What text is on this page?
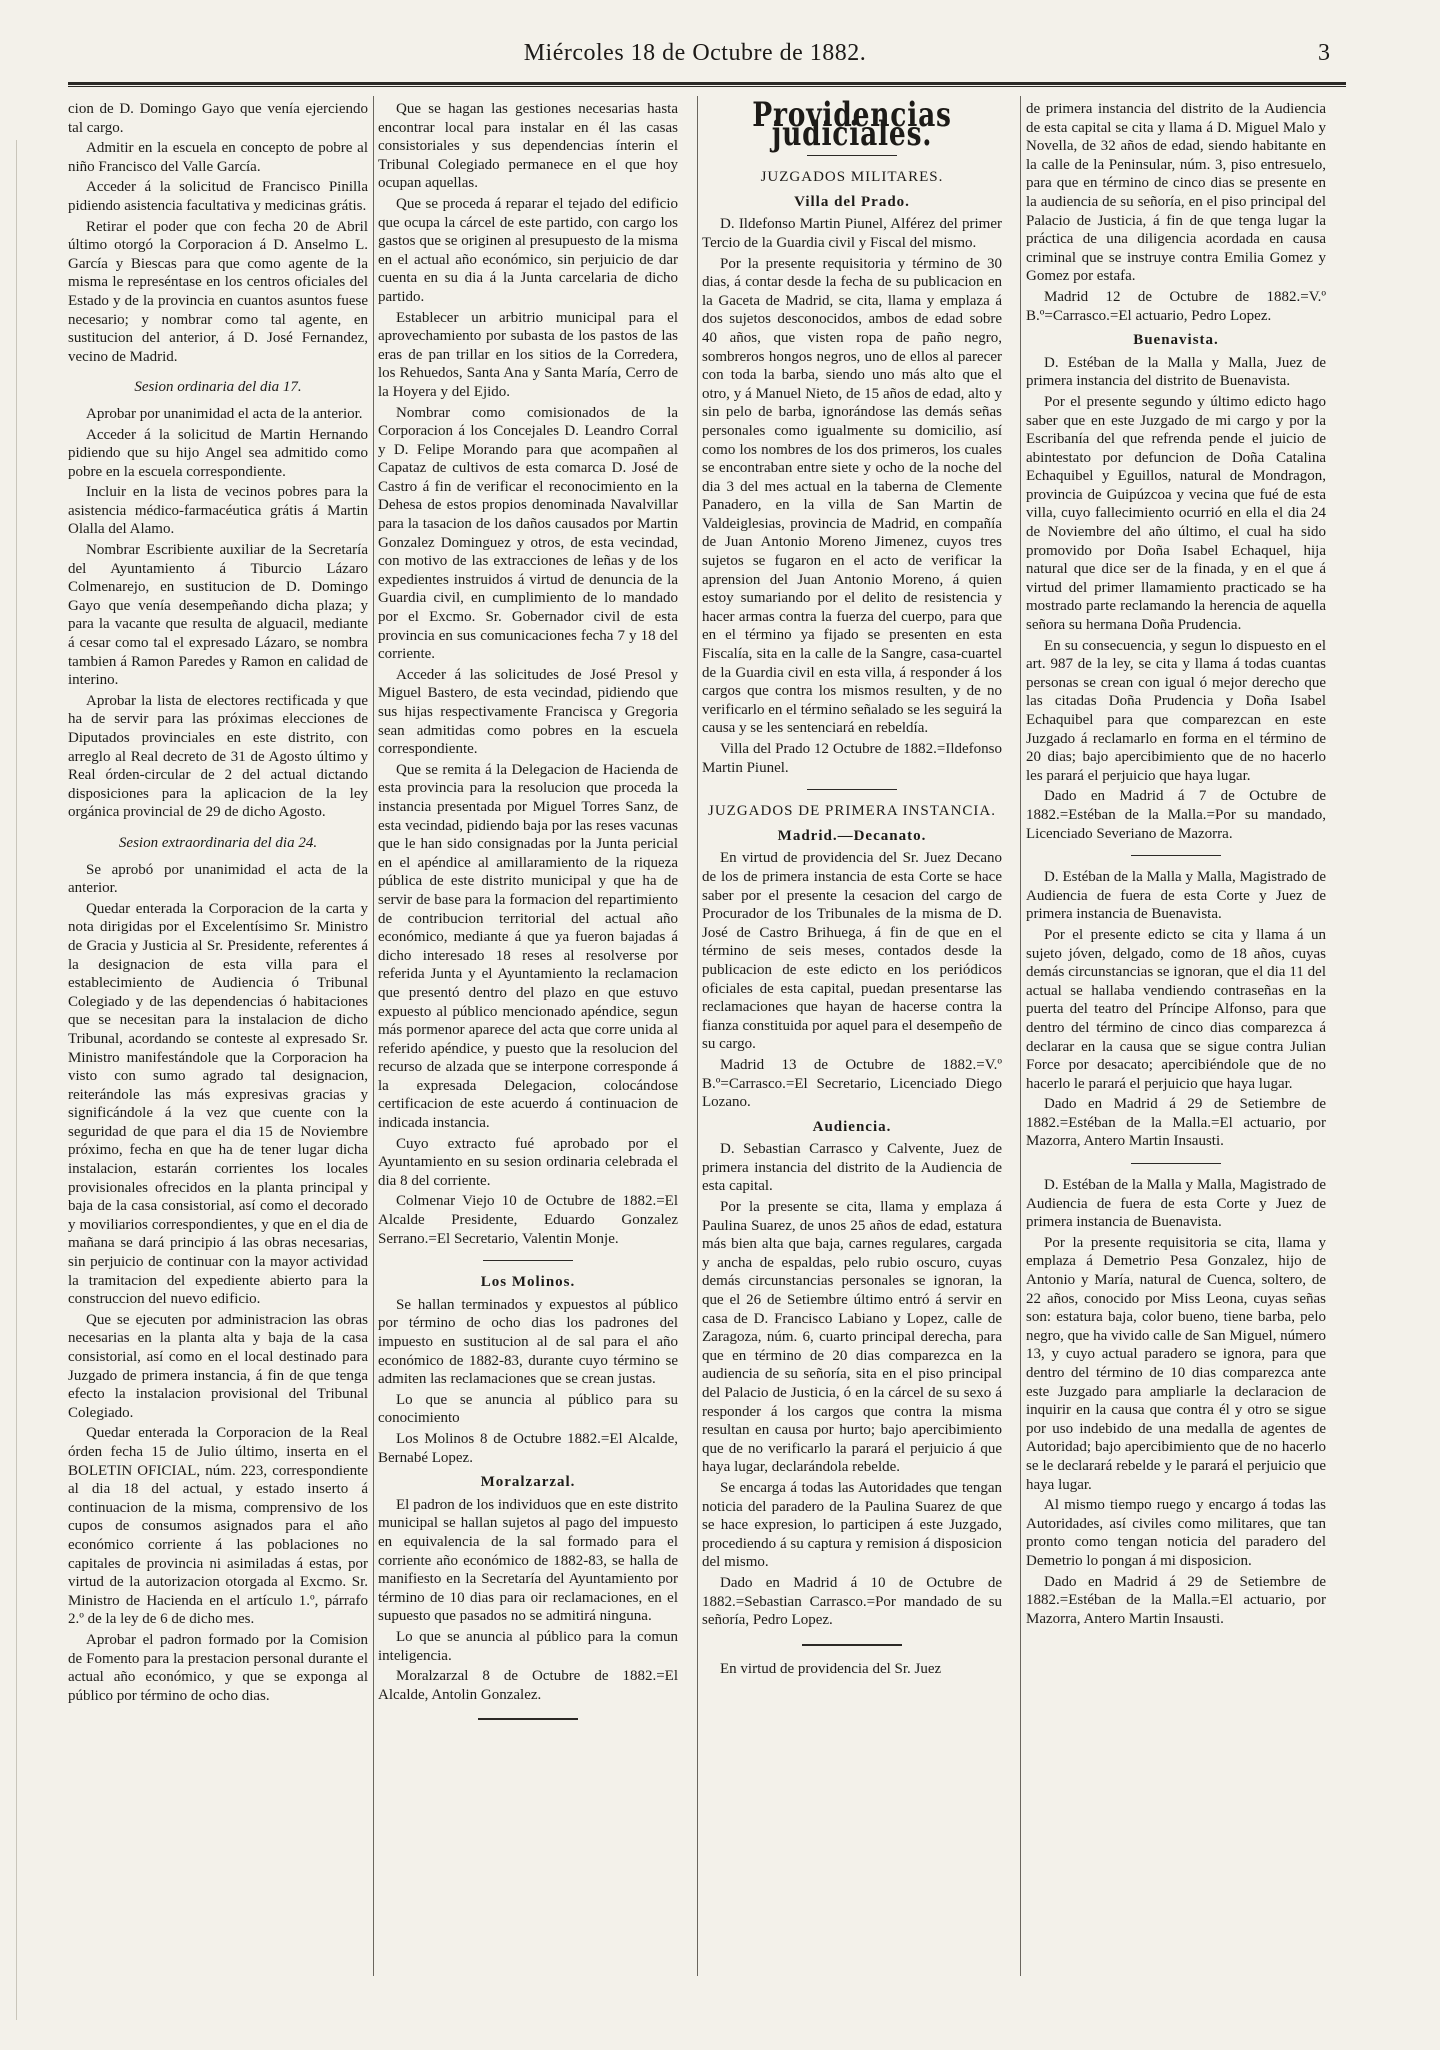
Miércoles 18 de Octubre de 1882.	3

cion de D. Domingo Gayo que venía ejerciendo tal cargo.

Admitir en la escuela en concepto de pobre al niño Francisco del Valle García.

Acceder á la solicitud de Francisco Pinilla pidiendo asistencia facultativa y medicinas grátis.

Retirar el poder que con fecha 20 de Abril último otorgó la Corporacion á D. Anselmo L. García y Biescas para que como agente de la misma le represéntase en los centros oficiales del Estado y de la provincia en cuantos asuntos fuese necesario; y nombrar como tal agente, en sustitucion del anterior, á D. José Fernandez, vecino de Madrid.

Sesion ordinaria del dia 17.

Aprobar por unanimidad el acta de la anterior.

Acceder á la solicitud de Martin Hernando pidiendo que su hijo Angel sea admitido como pobre en la escuela correspondiente.

Incluir en la lista de vecinos pobres para la asistencia médico-farmacéutica grátis á Martin Olalla del Alamo.

Nombrar Escribiente auxiliar de la Secretaría del Ayuntamiento á Tiburcio Lázaro Colmenarejo, en sustitucion de D. Domingo Gayo que venía desempeñando dicha plaza; y para la vacante que resulta de alguacil, mediante á cesar como tal el expresado Lázaro, se nombra tambien á Ramon Paredes y Ramon en calidad de interino.

Aprobar la lista de electores rectificada y que ha de servir para las próximas elecciones de Diputados provinciales en este distrito, con arreglo al Real decreto de 31 de Agosto último y Real órden-circular de 2 del actual dictando disposiciones para la aplicacion de la ley orgánica provincial de 29 de dicho Agosto.

Sesion extraordinaria del dia 24.

Se aprobó por unanimidad el acta de la anterior.

Quedar enterada la Corporacion de la carta y nota dirigidas por el Excelentísimo Sr. Ministro de Gracia y Justicia al Sr. Presidente, referentes á la designacion de esta villa para el establecimiento de Audiencia ó Tribunal Colegiado y de las dependencias ó habitaciones que se necesitan para la instalacion de dicho Tribunal, acordando se conteste al expresado Sr. Ministro manifestándole que la Corporacion ha visto con sumo agrado tal designacion, reiterándole las más expresivas gracias y significándole á la vez que cuente con la seguridad de que para el dia 15 de Noviembre próximo, fecha en que ha de tener lugar dicha instalacion, estarán corrientes los locales provisionales ofrecidos en la planta principal y baja de la casa consistorial, así como el decorado y moviliarios correspondientes, y que en el dia de mañana se dará principio á las obras necesarias, sin perjuicio de continuar con la mayor actividad la tramitacion del expediente abierto para la construccion del nuevo edificio.

Que se ejecuten por administracion las obras necesarias en la planta alta y baja de la casa consistorial, así como en el local destinado para Juzgado de primera instancia, á fin de que tenga efecto la instalacion provisional del Tribunal Colegiado.

Quedar enterada la Corporacion de la Real órden fecha 15 de Julio último, inserta en el BOLETIN OFICIAL, núm. 223, correspondiente al dia 18 del actual, y estado inserto á continuacion de la misma, comprensivo de los cupos de consumos asignados para el año económico corriente á las poblaciones no capitales de provincia ni asimiladas á estas, por virtud de la autorizacion otorgada al Excmo. Sr. Ministro de Hacienda en el artículo 1.º, párrafo 2.º de la ley de 6 de dicho mes.

Aprobar el padron formado por la Comision de Fomento para la prestacion personal durante el actual año económico, y que se exponga al público por término de ocho dias.

Que se hagan las gestiones necesarias hasta encontrar local para instalar en él las casas consistoriales y sus dependencias ínterin el Tribunal Colegiado permanece en el que hoy ocupan aquellas.

Que se proceda á reparar el tejado del edificio que ocupa la cárcel de este partido, con cargo los gastos que se originen al presupuesto de la misma en el actual año económico, sin perjuicio de dar cuenta en su dia á la Junta carcelaria de dicho partido.

Establecer un arbitrio municipal para el aprovechamiento por subasta de los pastos de las eras de pan trillar en los sitios de la Corredera, los Rehuedos, Santa Ana y Santa María, Cerro de la Hoyera y del Ejido.

Nombrar como comisionados de la Corporacion á los Concejales D. Leandro Corral y D. Felipe Morando para que acompañen al Capataz de cultivos de esta comarca D. José de Castro á fin de verificar el reconocimiento en la Dehesa de estos propios denominada Navalvillar para la tasacion de los daños causados por Martin Gonzalez Dominguez y otros, de esta vecindad, con motivo de las extracciones de leñas y de los expedientes instruidos á virtud de denuncia de la Guardia civil, en cumplimiento de lo mandado por el Excmo. Sr. Gobernador civil de esta provincia en sus comunicaciones fecha 7 y 18 del corriente.

Acceder á las solicitudes de José Presol y Miguel Bastero, de esta vecindad, pidiendo que sus hijas respectivamente Francisca y Gregoria sean admitidas como pobres en la escuela correspondiente.

Que se remita á la Delegacion de Hacienda de esta provincia para la resolucion que proceda la instancia presentada por Miguel Torres Sanz, de esta vecindad, pidiendo baja por las reses vacunas que le han sido consignadas por la Junta pericial en el apéndice al amillaramiento de la riqueza pública de este distrito municipal y que ha de servir de base para la formacion del repartimiento de contribucion territorial del actual año económico, mediante á que ya fueron bajadas á dicho interesado 18 reses al resolverse por referida Junta y el Ayuntamiento la reclamacion que presentó dentro del plazo en que estuvo expuesto al público mencionado apéndice, segun más pormenor aparece del acta que corre unida al referido apéndice, y puesto que la resolucion del recurso de alzada que se interpone corresponde á la expresada Delegacion, colocándose certificacion de este acuerdo á continuacion de indicada instancia.

Cuyo extracto fué aprobado por el Ayuntamiento en su sesion ordinaria celebrada el dia 8 del corriente.

Colmenar Viejo 10 de Octubre de 1882.=El Alcalde Presidente, Eduardo Gonzalez Serrano.=El Secretario, Valentin Monje.

Los Molinos.

Se hallan terminados y expuestos al público por término de ocho dias los padrones del impuesto en sustitucion al de sal para el año económico de 1882-83, durante cuyo término se admiten las reclamaciones que se crean justas.

Lo que se anuncia al público para su conocimiento

Los Molinos 8 de Octubre 1882.=El Alcalde, Bernabé Lopez.

Moralzarzal.

El padron de los individuos que en este distrito municipal se hallan sujetos al pago del impuesto en equivalencia de la sal formado para el corriente año económico de 1882-83, se halla de manifiesto en la Secretaría del Ayuntamiento por término de 10 dias para oir reclamaciones, en el supuesto que pasados no se admitirá ninguna.

Lo que se anuncia al público para la comun inteligencia.

Moralzarzal 8 de Octubre de 1882.=El Alcalde, Antolin Gonzalez.

Providencias judiciales.
JUZGADOS MILITARES.
Villa del Prado.

D. Ildefonso Martin Piunel, Alférez del primer Tercio de la Guardia civil y Fiscal del mismo.

Por la presente requisitoria y término de 30 dias, á contar desde la fecha de su publicacion en la Gaceta de Madrid, se cita, llama y emplaza á dos sujetos desconocidos, ambos de edad sobre 40 años, que visten ropa de paño negro, sombreros hongos negros, uno de ellos al parecer con toda la barba, siendo uno más alto que el otro, y á Manuel Nieto, de 15 años de edad, alto y sin pelo de barba, ignorándose las demás señas personales como igualmente su domicilio, así como los nombres de los dos primeros, los cuales se encontraban entre siete y ocho de la noche del dia 3 del mes actual en la taberna de Clemente Panadero, en la villa de San Martin de Valdeiglesias, provincia de Madrid, en compañía de Juan Antonio Moreno Jimenez, cuyos tres sujetos se fugaron en el acto de verificar la aprension del Juan Antonio Moreno, á quien estoy sumariando por el delito de resistencia y hacer armas contra la fuerza del cuerpo, para que en el término ya fijado se presenten en esta Fiscalía, sita en la calle de la Sangre, casa-cuartel de la Guardia civil en esta villa, á responder á los cargos que contra los mismos resulten, y de no verificarlo en el término señalado se les seguirá la causa y se les sentenciará en rebeldía.

Villa del Prado 12 Octubre de 1882.=Ildefonso Martin Piunel.

JUZGADOS DE PRIMERA INSTANCIA.
Madrid.—Decanato.

En virtud de providencia del Sr. Juez Decano de los de primera instancia de esta Corte se hace saber por el presente la cesacion del cargo de Procurador de los Tribunales de la misma de D. José de Castro Brihuega, á fin de que en el término de seis meses, contados desde la publicacion de este edicto en los periódicos oficiales de esta capital, puedan presentarse las reclamaciones que hayan de hacerse contra la fianza constituida por aquel para el desempeño de su cargo.

Madrid 13 de Octubre de 1882.=V.º B.º=Carrasco.=El Secretario, Licenciado Diego Lozano.

Audiencia.

D. Sebastian Carrasco y Calvente, Juez de primera instancia del distrito de la Audiencia de esta capital.

Por la presente se cita, llama y emplaza á Paulina Suarez, de unos 25 años de edad, estatura más bien alta que baja, carnes regulares, cargada y ancha de espaldas, pelo rubio oscuro, cuyas demás circunstancias personales se ignoran, la que el 26 de Setiembre último entró á servir en casa de D. Francisco Labiano y Lopez, calle de Zaragoza, núm. 6, cuarto principal derecha, para que en término de 20 dias comparezca en la audiencia de su señoría, sita en el piso principal del Palacio de Justicia, ó en la cárcel de su sexo á responder á los cargos que contra la misma resultan en causa por hurto; bajo apercibimiento que de no verificarlo la parará el perjuicio á que haya lugar, declarándola rebelde.

Se encarga á todas las Autoridades que tengan noticia del paradero de la Paulina Suarez de que se hace expresion, lo participen á este Juzgado, procediendo á su captura y remision á disposicion del mismo.

Dado en Madrid á 10 de Octubre de 1882.=Sebastian Carrasco.=Por mandado de su señoría, Pedro Lopez.

En virtud de providencia del Sr. Juez

de primera instancia del distrito de la Audiencia de esta capital se cita y llama á D. Miguel Malo y Novella, de 32 años de edad, siendo habitante en la calle de la Peninsular, núm. 3, piso entresuelo, para que en término de cinco dias se presente en la audiencia de su señoría, en el piso principal del Palacio de Justicia, á fin de que tenga lugar la práctica de una diligencia acordada en causa criminal que se instruye contra Emilia Gomez y Gomez por estafa.

Madrid 12 de Octubre de 1882.=V.º B.º=Carrasco.=El actuario, Pedro Lopez.

Buenavista.

D. Estéban de la Malla y Malla, Juez de primera instancia del distrito de Buenavista.

Por el presente segundo y último edicto hago saber que en este Juzgado de mi cargo y por la Escribanía del que refrenda pende el juicio de abintestato por defuncion de Doña Catalina Echaquibel y Eguillos, natural de Mondragon, provincia de Guipúzcoa y vecina que fué de esta villa, cuyo fallecimiento ocurrió en ella el dia 24 de Noviembre del año último, el cual ha sido promovido por Doña Isabel Echaquel, hija natural que dice ser de la finada, y en el que á virtud del primer llamamiento practicado se ha mostrado parte reclamando la herencia de aquella señora su hermana Doña Prudencia.

En su consecuencia, y segun lo dispuesto en el art. 987 de la ley, se cita y llama á todas cuantas personas se crean con igual ó mejor derecho que las citadas Doña Prudencia y Doña Isabel Echaquibel para que comparezcan en este Juzgado á reclamarlo en forma en el término de 20 dias; bajo apercibimiento que de no hacerlo les parará el perjuicio que haya lugar.

Dado en Madrid á 7 de Octubre de 1882.=Estéban de la Malla.=Por su mandado, Licenciado Severiano de Mazorra.

D. Estéban de la Malla y Malla, Magistrado de Audiencia de fuera de esta Corte y Juez de primera instancia de Buenavista.

Por el presente edicto se cita y llama á un sujeto jóven, delgado, como de 18 años, cuyas demás circunstancias se ignoran, que el dia 11 del actual se hallaba vendiendo contraseñas en la puerta del teatro del Príncipe Alfonso, para que dentro del término de cinco dias comparezca á declarar en la causa que se sigue contra Julian Force por desacato; apercibiéndole que de no hacerlo le parará el perjuicio que haya lugar.

Dado en Madrid á 29 de Setiembre de 1882.=Estéban de la Malla.=El actuario, por Mazorra, Antero Martin Insausti.

D. Estéban de la Malla y Malla, Magistrado de Audiencia de fuera de esta Corte y Juez de primera instancia de Buenavista.

Por la presente requisitoria se cita, llama y emplaza á Demetrio Pesa Gonzalez, hijo de Antonio y María, natural de Cuenca, soltero, de 22 años, conocido por Miss Leona, cuyas señas son: estatura baja, color bueno, tiene barba, pelo negro, que ha vivido calle de San Miguel, número 13, y cuyo actual paradero se ignora, para que dentro del término de 10 dias comparezca ante este Juzgado para ampliarle la declaracion de inquirir en la causa que contra él y otro se sigue por uso indebido de una medalla de agentes de Autoridad; bajo apercibimiento que de no hacerlo se le declarará rebelde y le parará el perjuicio que haya lugar.

Al mismo tiempo ruego y encargo á todas las Autoridades, así civiles como militares, que tan pronto como tengan noticia del paradero del Demetrio lo pongan á mi disposicion.

Dado en Madrid á 29 de Setiembre de 1882.=Estéban de la Malla.=El actuario, por Mazorra, Antero Martin Insausti.
